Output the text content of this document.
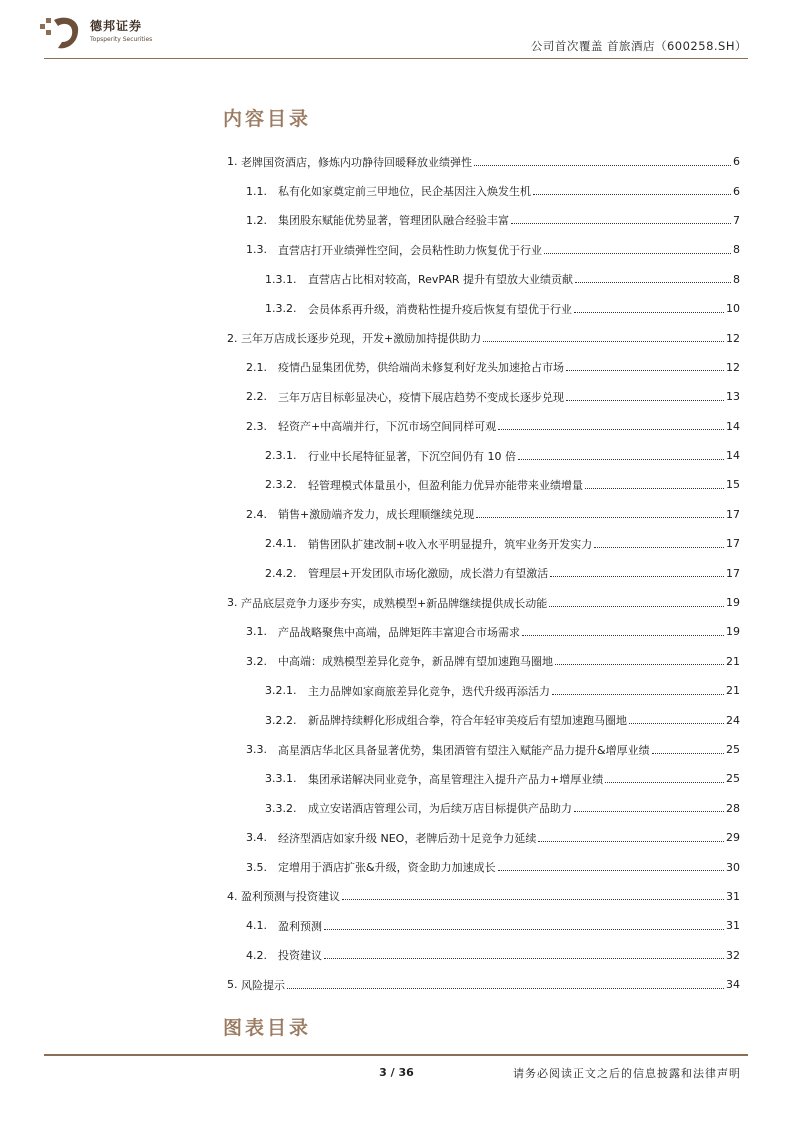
德邦证券
Topsperity Securities	公司首次覆盖 首旅酒店（600258.SH）
内容目录
1. 老牌国资酒店，修炼内功静待回暖释放业绩弹性	6
1.1.	私有化如家奠定前三甲地位，民企基因注入焕发生机	6
1.2.	集团股东赋能优势显著，管理团队融合经验丰富	7
1.3.	直营店打开业绩弹性空间，会员粘性助力恢复优于行业	8
1.3.1.	直营店占比相对较高，RevPAR 提升有望放大业绩贡献	8
1.3.2.	会员体系再升级，消费粘性提升疫后恢复有望优于行业	10
2. 三年万店成长逐步兑现，开发+激励加持提供助力	12
2.1.	疫情凸显集团优势，供给端尚未修复利好龙头加速抢占市场	12
2.2.	三年万店目标彰显决心，疫情下展店趋势不变成长逐步兑现	13
2.3.	轻资产+中高端并行，下沉市场空间同样可观	14
2.3.1.	行业中长尾特征显著，下沉空间仍有 10 倍	14
2.3.2.	轻管理模式体量虽小，但盈利能力优异亦能带来业绩增量	15
2.4.	销售+激励端齐发力，成长理顺继续兑现	17
2.4.1.	销售团队扩建改制+收入水平明显提升，筑牢业务开发实力	17
2.4.2.	管理层+开发团队市场化激励，成长潜力有望激活	17
3. 产品底层竞争力逐步夯实，成熟模型+新品牌继续提供成长动能	19
3.1.	产品战略聚焦中高端，品牌矩阵丰富迎合市场需求	19
3.2.	中高端：成熟模型差异化竞争，新品牌有望加速跑马圈地	21
3.2.1.	主力品牌如家商旅差异化竞争，迭代升级再添活力	21
3.2.2.	新品牌持续孵化形成组合拳，符合年轻审美疫后有望加速跑马圈地	24
3.3.	高星酒店华北区具备显著优势，集团酒管有望注入赋能产品力提升&增厚业绩	25
3.3.1.	集团承诺解决同业竞争，高星管理注入提升产品力+增厚业绩	25
3.3.2.	成立安诺酒店管理公司，为后续万店目标提供产品助力	28
3.4.	经济型酒店如家升级 NEO，老牌后劲十足竞争力延续	29
3.5.	定增用于酒店扩张&升级，资金助力加速成长	30
4. 盈利预测与投资建议	31
4.1.	盈利预测	31
4.2.	投资建议	32
5. 风险提示	34
图表目录
3 / 36	请务必阅读正文之后的信息披露和法律声明
